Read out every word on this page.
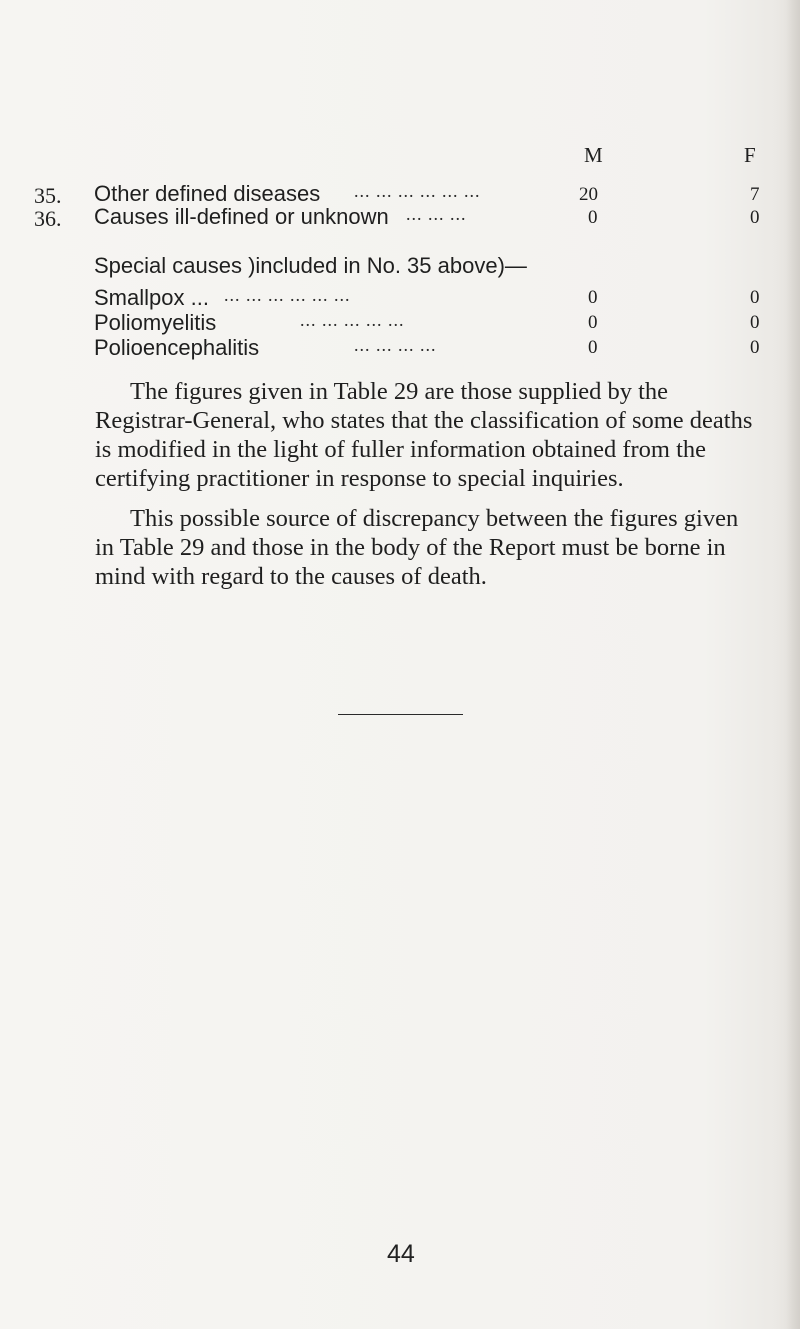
M	F
35. Other defined diseases ... ... ... ... ... ...	20	7
36. Causes ill-defined or unknown ... ... ...	0	0
Special causes )included in No. 35 above)—
Smallpox ... ... ... ... ... ... ...	0	0
Poliomyelitis	... ... ... ... ...	0	0
Polioencephalitis	... ... ... ...	0	0
The figures given in Table 29 are those supplied by the
Registrar-General, who states that the classification of some deaths
is modified in the light of fuller information obtained from the
certifying practitioner in response to special inquiries.
This possible source of discrepancy between the figures given
in Table 29 and those in the body of the Report must be borne in
mind with regard to the causes of death.
44
